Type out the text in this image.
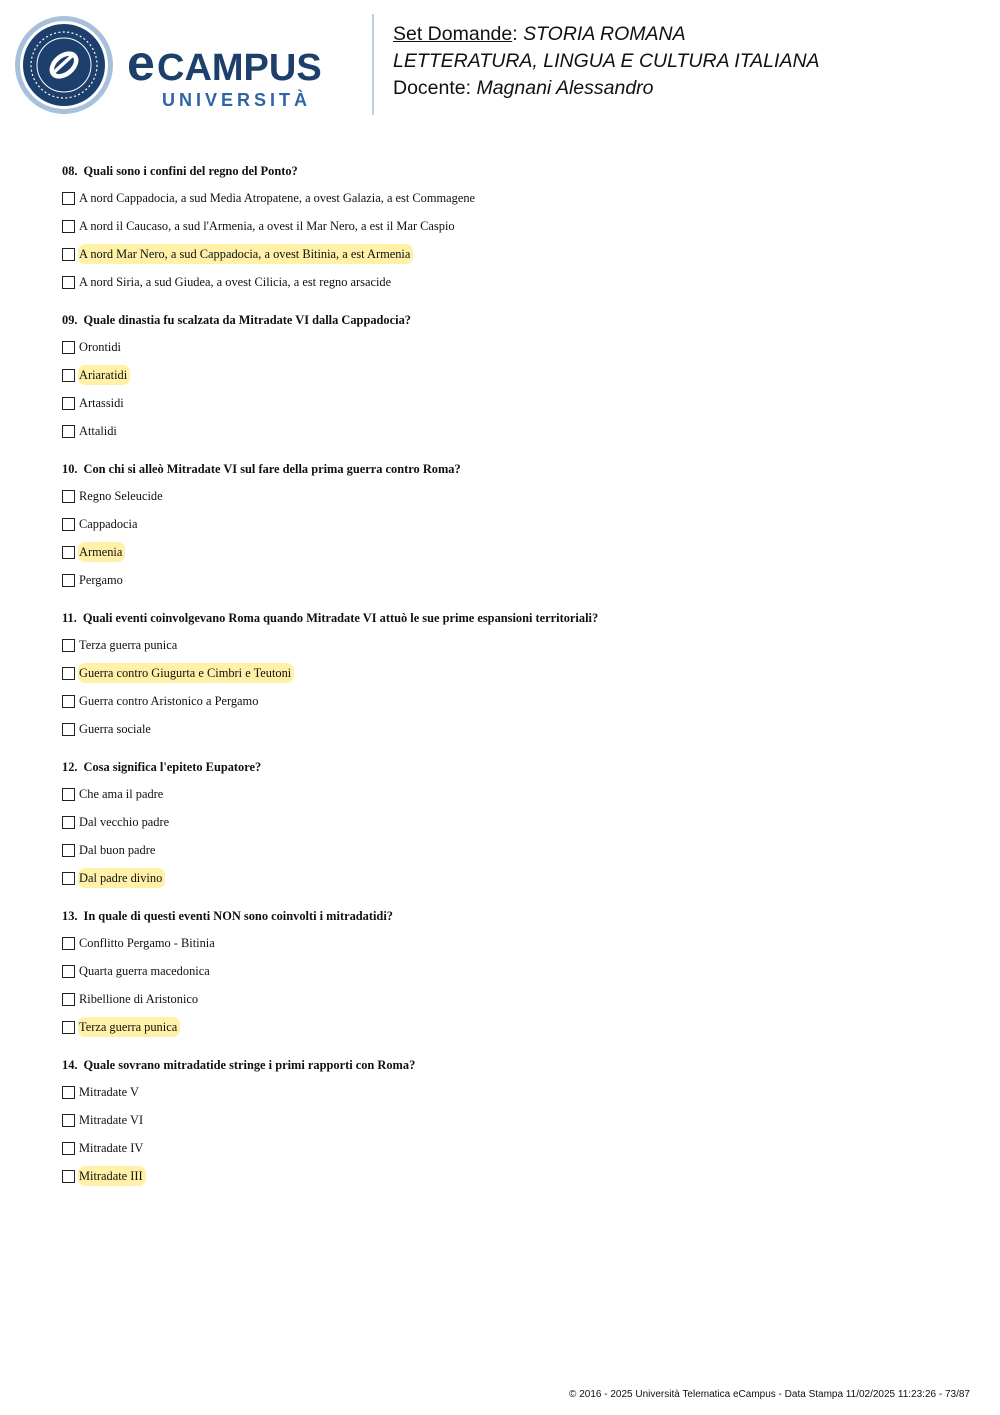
e CAMPUS
UNIVERSITÀ
Set Domande: STORIA ROMANA
LETTERATURA, LINGUA E CULTURA ITALIANA
Docente: Magnani Alessandro
08. Quali sono i confini del regno del Ponto?
A nord Cappadocia, a sud Media Atropatene, a ovest Galazia, a est Commagene
A nord il Caucaso, a sud l'Armenia, a ovest il Mar Nero, a est il Mar Caspio
A nord Mar Nero, a sud Cappadocia, a ovest Bitinia, a est Armenia
A nord Siria, a sud Giudea, a ovest Cilicia, a est regno arsacide
09. Quale dinastia fu scalzata da Mitradate VI dalla Cappadocia?
Orontidi
Ariaratidi
Artassidi
Attalidi
10. Con chi si alleò Mitradate VI sul fare della prima guerra contro Roma?
Regno Seleucide
Cappadocia
Armenia
Pergamo
11. Quali eventi coinvolgevano Roma quando Mitradate VI attuò le sue prime espansioni territoriali?
Terza guerra punica
Guerra contro Giugurta e Cimbri e Teutoni
Guerra contro Aristonico a Pergamo
Guerra sociale
12. Cosa significa l'epiteto Eupatore?
Che ama il padre
Dal vecchio padre
Dal buon padre
Dal padre divino
13. In quale di questi eventi NON sono coinvolti i mitradatidi?
Conflitto Pergamo - Bitinia
Quarta guerra macedonica
Ribellione di Aristonico
Terza guerra punica
14. Quale sovrano mitradatide stringe i primi rapporti con Roma?
Mitradate V
Mitradate VI
Mitradate IV
Mitradate III
© 2016 - 2025 Università Telematica eCampus - Data Stampa 11/02/2025 11:23:26 - 73/87
